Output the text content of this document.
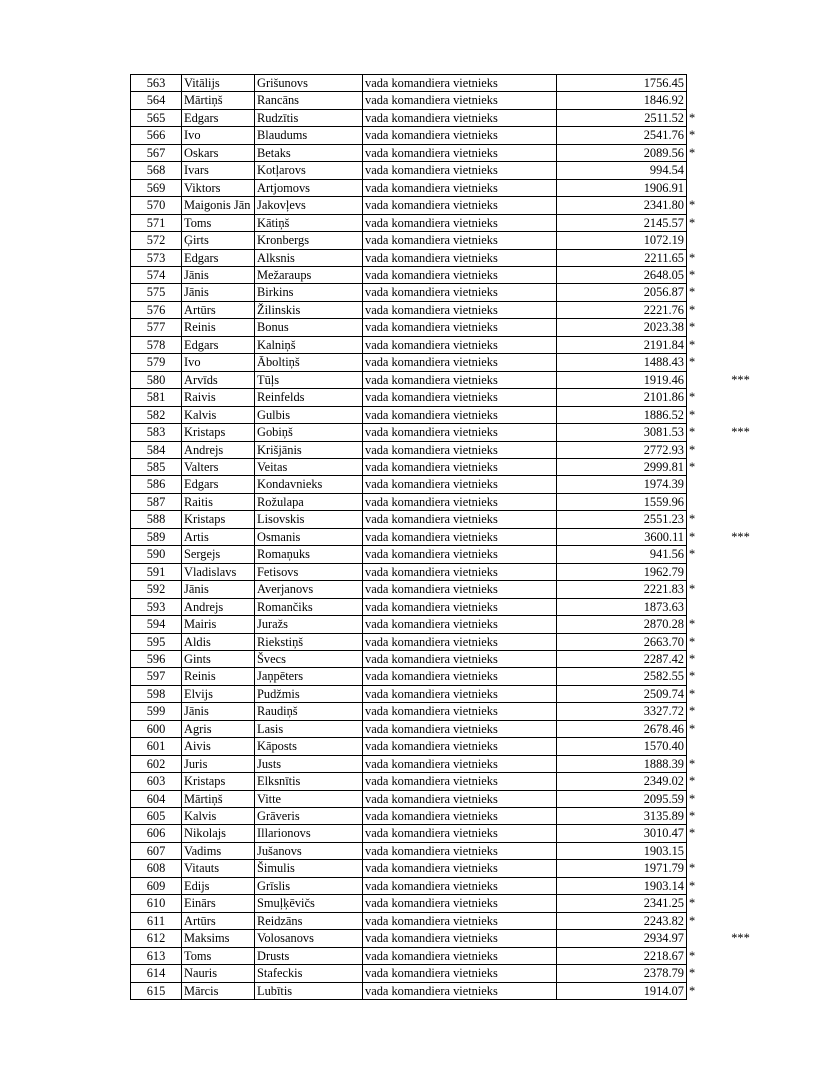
563	Vitālijs	Grišunovs	vada komandiera vietnieks	1756.45		
564	Mārtiņš	Rancāns	vada komandiera vietnieks	1846.92		
565	Edgars	Rudzītis	vada komandiera vietnieks	2511.52	*	
566	Ivo	Blaudums	vada komandiera vietnieks	2541.76	*	
567	Oskars	Betaks	vada komandiera vietnieks	2089.56	*	
568	Ivars	Kotļarovs	vada komandiera vietnieks	994.54		
569	Viktors	Artjomovs	vada komandiera vietnieks	1906.91		
570	Maigonis Jān	Jakovļevs	vada komandiera vietnieks	2341.80	*	
571	Toms	Kātiņš	vada komandiera vietnieks	2145.57	*	
572	Ģirts	Kronbergs	vada komandiera vietnieks	1072.19		
573	Edgars	Alksnis	vada komandiera vietnieks	2211.65	*	
574	Jānis	Mežaraups	vada komandiera vietnieks	2648.05	*	
575	Jānis	Birkins	vada komandiera vietnieks	2056.87	*	
576	Artūrs	Žilinskis	vada komandiera vietnieks	2221.76	*	
577	Reinis	Bonus	vada komandiera vietnieks	2023.38	*	
578	Edgars	Kalniņš	vada komandiera vietnieks	2191.84	*	
579	Ivo	Āboltiņš	vada komandiera vietnieks	1488.43	*	
580	Arvīds	Tūļs	vada komandiera vietnieks	1919.46		***
581	Raivis	Reinfelds	vada komandiera vietnieks	2101.86	*	
582	Kalvis	Gulbis	vada komandiera vietnieks	1886.52	*	
583	Kristaps	Gobiņš	vada komandiera vietnieks	3081.53	*	***
584	Andrejs	Krišjānis	vada komandiera vietnieks	2772.93	*	
585	Valters	Veitas	vada komandiera vietnieks	2999.81	*	
586	Edgars	Kondavnieks	vada komandiera vietnieks	1974.39		
587	Raitis	Rožulapa	vada komandiera vietnieks	1559.96		
588	Kristaps	Lisovskis	vada komandiera vietnieks	2551.23	*	
589	Artis	Osmanis	vada komandiera vietnieks	3600.11	*	***
590	Sergejs	Romaņuks	vada komandiera vietnieks	941.56	*	
591	Vladislavs	Fetisovs	vada komandiera vietnieks	1962.79		
592	Jānis	Averjanovs	vada komandiera vietnieks	2221.83	*	
593	Andrejs	Romančiks	vada komandiera vietnieks	1873.63		
594	Mairis	Juražs	vada komandiera vietnieks	2870.28	*	
595	Aldis	Riekstiņš	vada komandiera vietnieks	2663.70	*	
596	Gints	Švecs	vada komandiera vietnieks	2287.42	*	
597	Reinis	Jaņpēters	vada komandiera vietnieks	2582.55	*	
598	Elvijs	Pudžmis	vada komandiera vietnieks	2509.74	*	
599	Jānis	Raudiņš	vada komandiera vietnieks	3327.72	*	
600	Agris	Lasis	vada komandiera vietnieks	2678.46	*	
601	Aivis	Kāposts	vada komandiera vietnieks	1570.40		
602	Juris	Justs	vada komandiera vietnieks	1888.39	*	
603	Kristaps	Elksnītis	vada komandiera vietnieks	2349.02	*	
604	Mārtiņš	Vitte	vada komandiera vietnieks	2095.59	*	
605	Kalvis	Grāveris	vada komandiera vietnieks	3135.89	*	
606	Nikolajs	Illarionovs	vada komandiera vietnieks	3010.47	*	
607	Vadims	Jušanovs	vada komandiera vietnieks	1903.15		
608	Vitauts	Šimulis	vada komandiera vietnieks	1971.79	*	
609	Edijs	Grīslis	vada komandiera vietnieks	1903.14	*	
610	Einārs	Smuļķēvičs	vada komandiera vietnieks	2341.25	*	
611	Artūrs	Reidzāns	vada komandiera vietnieks	2243.82	*	
612	Maksims	Volosanovs	vada komandiera vietnieks	2934.97		***
613	Toms	Drusts	vada komandiera vietnieks	2218.67	*	
614	Nauris	Stafeckis	vada komandiera vietnieks	2378.79	*	
615	Mārcis	Lubītis	vada komandiera vietnieks	1914.07	*	
